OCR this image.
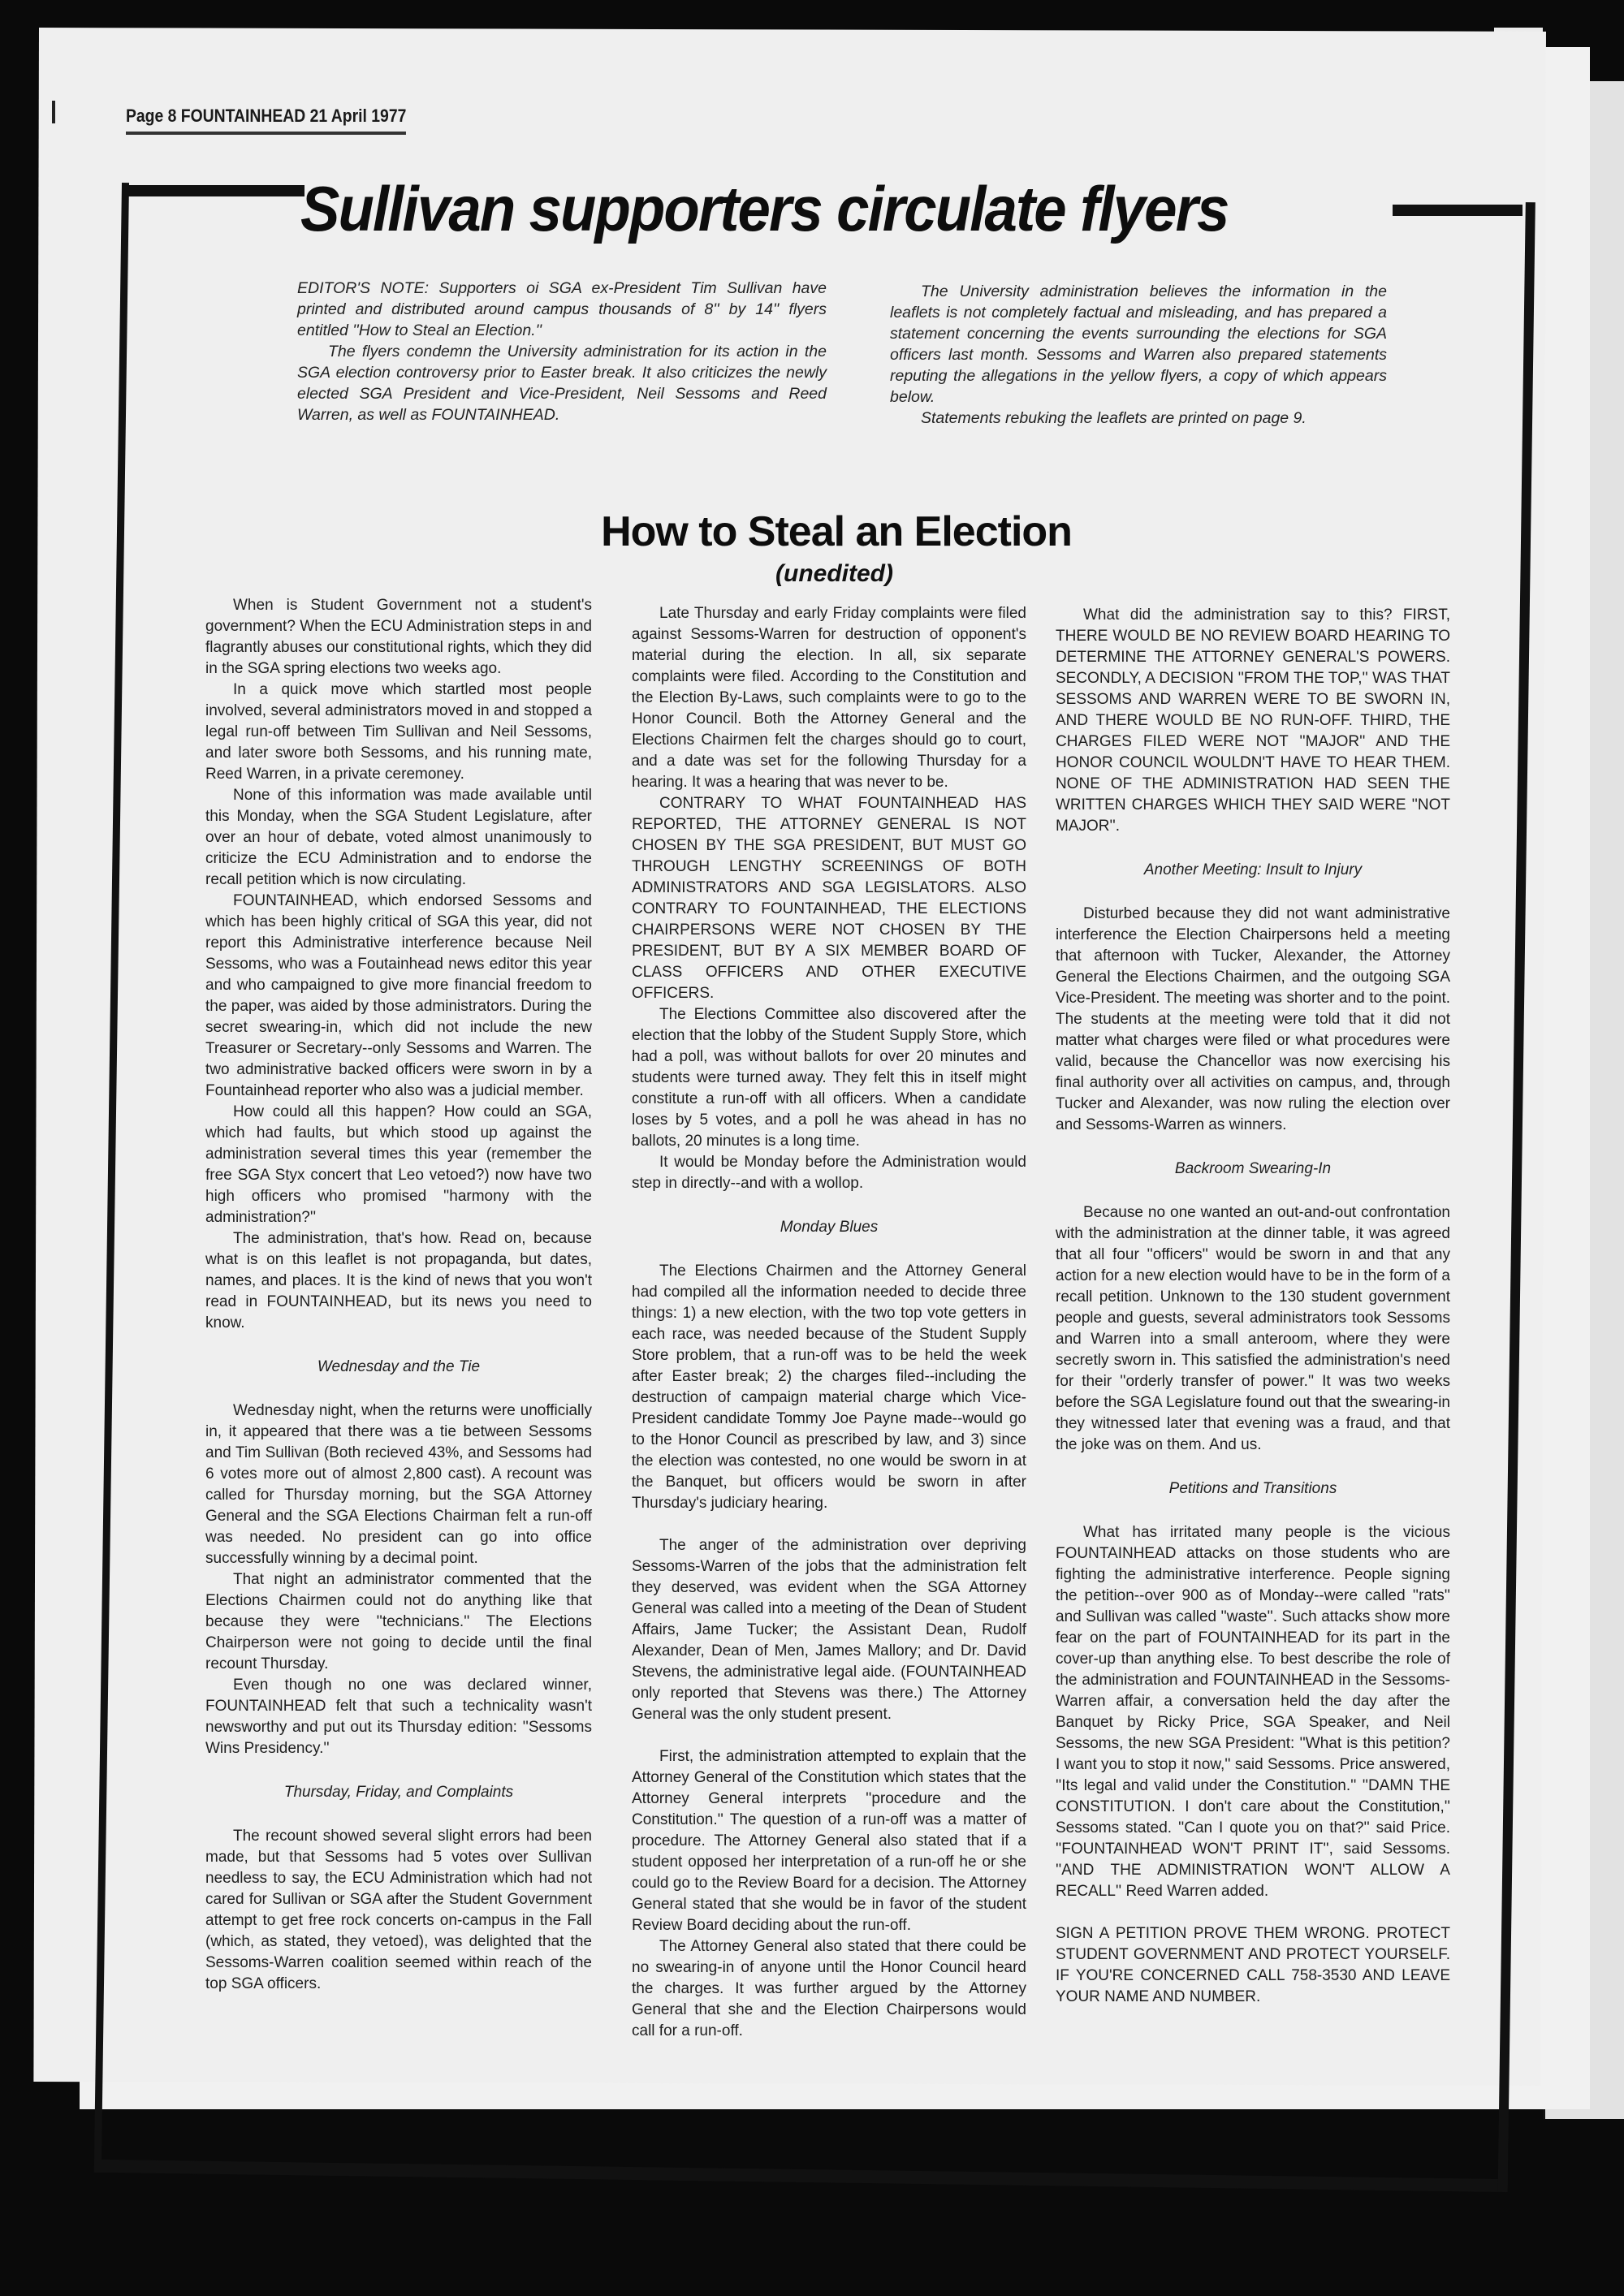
Page 8 FOUNTAINHEAD 21 April 1977
Sullivan supporters circulate flyers

EDITOR'S NOTE: Supporters oi SGA ex-President Tim Sullivan have printed and distributed around campus thousands of 8'' by 14'' flyers entitled ''How to Steal an Election.''

The flyers condemn the University administration for its action in the SGA election controversy prior to Easter break. It also criticizes the newly elected SGA President and Vice-President, Neil Sessoms and Reed Warren, as well as FOUNTAINHEAD.

The University administration believes the information in the leaflets is not completely factual and misleading, and has prepared a statement concerning the events surrounding the elections for SGA officers last month. Sessoms and Warren also prepared statements reputing the allegations in the yellow flyers, a copy of which appears below.

Statements rebuking the leaflets are printed on page 9.

How to Steal an Election
(unedited)

When is Student Government not a student's government? When the ECU Administration steps in and flagrantly abuses our constitutional rights, which they did in the SGA spring elections two weeks ago.

In a quick move which startled most people involved, several administrators moved in and stopped a legal run-off between Tim Sullivan and Neil Sessoms, and later swore both Sessoms, and his running mate, Reed Warren, in a private ceremoney.

None of this information was made available until this Monday, when the SGA Student Legislature, after over an hour of debate, voted almost unanimously to criticize the ECU Administration and to endorse the recall petition which is now circulating.

FOUNTAINHEAD, which endorsed Sessoms and which has been highly critical of SGA this year, did not report this Administrative interference because Neil Sessoms, who was a Foutainhead news editor this year and who campaigned to give more financial freedom to the paper, was aided by those administrators. During the secret swearing-in, which did not include the new Treasurer or Secretary--only Sessoms and Warren. The two administrative backed officers were sworn in by a Fountainhead reporter who also was a judicial member.

How could all this happen? How could an SGA, which had faults, but which stood up against the administration several times this year (remember the free SGA Styx concert that Leo vetoed?) now have two high officers who promised ''harmony with the administration?''

The administration, that's how. Read on, because what is on this leaflet is not propaganda, but dates, names, and places. It is the kind of news that you won't read in FOUNTAINHEAD, but its news you need to know.

Wednesday and the Tie

Wednesday night, when the returns were unofficially in, it appeared that there was a tie between Sessoms and Tim Sullivan (Both recieved 43%, and Sessoms had 6 votes more out of almost 2,800 cast). A recount was called for Thursday morning, but the SGA Attorney General and the SGA Elections Chairman felt a run-off was needed. No president can go into office successfully winning by a decimal point.

That night an administrator commented that the Elections Chairmen could not do anything like that because they were ''technicians.'' The Elections Chairperson were not going to decide until the final recount Thursday.

Even though no one was declared winner, FOUNTAINHEAD felt that such a technicality wasn't newsworthy and put out its Thursday edition: ''Sessoms Wins Presidency.''

Thursday, Friday, and Complaints

The recount showed several slight errors had been made, but that Sessoms had 5 votes over Sullivan needless to say, the ECU Administration which had not cared for Sullivan or SGA after the Student Government attempt to get free rock concerts on-campus in the Fall (which, as stated, they vetoed), was delighted that the Sessoms-Warren coalition seemed within reach of the top SGA officers.

Late Thursday and early Friday complaints were filed against Sessoms-Warren for destruction of opponent's material during the election. In all, six separate complaints were filed. According to the Constitution and the Election By-Laws, such complaints were to go to the Honor Council. Both the Attorney General and the Elections Chairmen felt the charges should go to court, and a date was set for the following Thursday for a hearing. It was a hearing that was never to be.

CONTRARY TO WHAT FOUNTAINHEAD HAS REPORTED, THE ATTORNEY GENERAL IS NOT CHOSEN BY THE SGA PRESIDENT, BUT MUST GO THROUGH LENGTHY SCREENINGS OF BOTH ADMINISTRATORS AND SGA LEGISLATORS. ALSO CONTRARY TO FOUNTAINHEAD, THE ELECTIONS CHAIRPERSONS WERE NOT CHOSEN BY THE PRESIDENT, BUT BY A SIX MEMBER BOARD OF CLASS OFFICERS AND OTHER EXECUTIVE OFFICERS.

The Elections Committee also discovered after the election that the lobby of the Student Supply Store, which had a poll, was without ballots for over 20 minutes and students were turned away. They felt this in itself might constitute a run-off with all officers. When a candidate loses by 5 votes, and a poll he was ahead in has no ballots, 20 minutes is a long time.

It would be Monday before the Administration would step in directly--and with a wollop.

Monday Blues

The Elections Chairmen and the Attorney General had compiled all the information needed to decide three things: 1) a new election, with the two top vote getters in each race, was needed because of the Student Supply Store problem, that a run-off was to be held the week after Easter break; 2) the charges filed--including the destruction of campaign material charge which Vice-President candidate Tommy Joe Payne made--would go to the Honor Council as prescribed by law, and 3) since the election was contested, no one would be sworn in at the Banquet, but officers would be sworn in after Thursday's judiciary hearing.

The anger of the administration over depriving Sessoms-Warren of the jobs that the administration felt they deserved, was evident when the SGA Attorney General was called into a meeting of the Dean of Student Affairs, Jame Tucker; the Assistant Dean, Rudolf Alexander, Dean of Men, James Mallory; and Dr. David Stevens, the administrative legal aide. (FOUNTAINHEAD only reported that Stevens was there.) The Attorney General was the only student present.

First, the administration attempted to explain that the Attorney General of the Constitution which states that the Attorney General interprets ''procedure and the Constitution.'' The question of a run-off was a matter of procedure. The Attorney General also stated that if a student opposed her interpretation of a run-off he or she could go to the Review Board for a decision. The Attorney General stated that she would be in favor of the student Review Board deciding about the run-off.

The Attorney General also stated that there could be no swearing-in of anyone until the Honor Council heard the charges. It was further argued by the Attorney General that she and the Election Chairpersons would call for a run-off.

What did the administration say to this? FIRST, THERE WOULD BE NO REVIEW BOARD HEARING TO DETERMINE THE ATTORNEY GENERAL'S POWERS. SECONDLY, A DECISION ''FROM THE TOP,'' WAS THAT SESSOMS AND WARREN WERE TO BE SWORN IN, AND THERE WOULD BE NO RUN-OFF. THIRD, THE CHARGES FILED WERE NOT ''MAJOR'' AND THE HONOR COUNCIL WOULDN'T HAVE TO HEAR THEM. NONE OF THE ADMINISTRATION HAD SEEN THE WRITTEN CHARGES WHICH THEY SAID WERE ''NOT MAJOR''.

Another Meeting: Insult to Injury

Disturbed because they did not want administrative interference the Election Chairpersons held a meeting that afternoon with Tucker, Alexander, the Attorney General the Elections Chairmen, and the outgoing SGA Vice-President. The meeting was shorter and to the point. The students at the meeting were told that it did not matter what charges were filed or what procedures were valid, because the Chancellor was now exercising his final authority over all activities on campus, and, through Tucker and Alexander, was now ruling the election over and Sessoms-Warren as winners.

Backroom Swearing-In

Because no one wanted an out-and-out confrontation with the administration at the dinner table, it was agreed that all four ''officers'' would be sworn in and that any action for a new election would have to be in the form of a recall petition. Unknown to the 130 student government people and guests, several administrators took Sessoms and Warren into a small anteroom, where they were secretly sworn in. This satisfied the administration's need for their ''orderly transfer of power.'' It was two weeks before the SGA Legislature found out that the swearing-in they witnessed later that evening was a fraud, and that the joke was on them. And us.

Petitions and Transitions

What has irritated many people is the vicious FOUNTAINHEAD attacks on those students who are fighting the administrative interference. People signing the petition--over 900 as of Monday--were called ''rats'' and Sullivan was called ''waste''. Such attacks show more fear on the part of FOUNTAINHEAD for its part in the cover-up than anything else. To best describe the role of the administration and FOUNTAINHEAD in the Sessoms-Warren affair, a conversation held the day after the Banquet by Ricky Price, SGA Speaker, and Neil Sessoms, the new SGA President: ''What is this petition? I want you to stop it now,'' said Sessoms. Price answered, ''Its legal and valid under the Constitution.'' ''DAMN THE CONSTITUTION. I don't care about the Constitution,'' Sessoms stated. ''Can I quote you on that?'' said Price. ''FOUNTAINHEAD WON'T PRINT IT'', said Sessoms. ''AND THE ADMINISTRATION WON'T ALLOW A RECALL'' Reed Warren added.

SIGN A PETITION PROVE THEM WRONG. PROTECT STUDENT GOVERNMENT AND PROTECT YOURSELF. IF YOU'RE CONCERNED CALL 758-3530 AND LEAVE YOUR NAME AND NUMBER.
